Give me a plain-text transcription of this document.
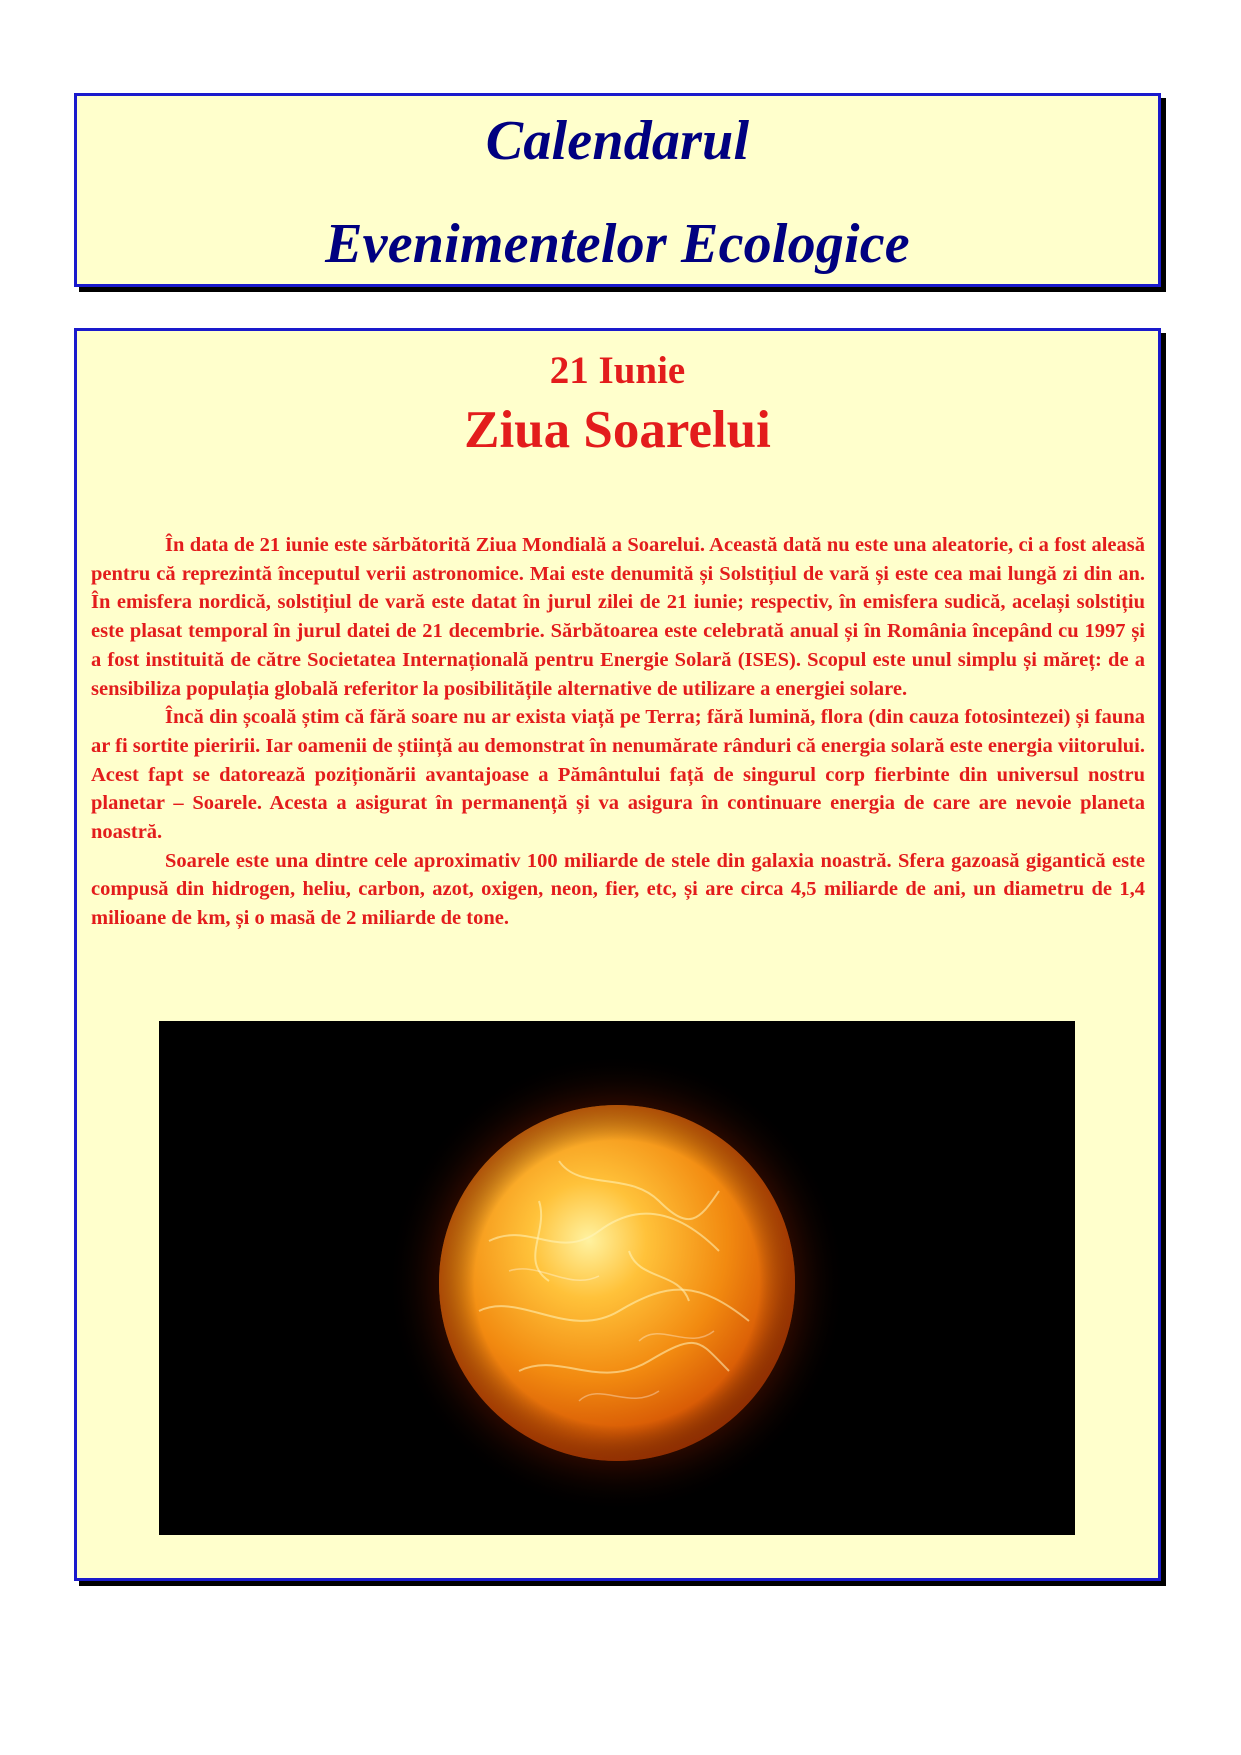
Calendarul
Evenimentelor Ecologice
21 Iunie
Ziua Soarelui

În data de 21 iunie este sărbătorită Ziua Mondială a Soarelui. Această dată nu este una aleatorie, ci a fost aleasă pentru că reprezintă începutul verii astronomice. Mai este denumită și Solstițiul de vară și este cea mai lungă zi din an. În emisfera nordică, solstițiul de vară este datat în jurul zilei de 21 iunie; respectiv, în emisfera sudică, același solstițiu este plasat temporal în jurul datei de 21 decembrie. Sărbătoarea este celebrată anual și în România începând cu 1997 și a fost instituită de către Societatea Internațională pentru Energie Solară (ISES). Scopul este unul simplu și măreț: de a sensibiliza populația globală referitor la posibilitățile alternative de utilizare a energiei solare.

Încă din școală știm că fără soare nu ar exista viață pe Terra; fără lumină, flora (din cauza fotosintezei) și fauna ar fi sortite pieririi. Iar oamenii de știință au demonstrat în nenumărate rânduri că energia solară este energia viitorului. Acest fapt se datorează poziționării avantajoase a Pământului față de singurul corp fierbinte din universul nostru planetar – Soarele. Acesta a asigurat în permanență și va asigura în continuare energia de care are nevoie planeta noastră.

Soarele este una dintre cele aproximativ 100 miliarde de stele din galaxia noastră. Sfera gazoasă gigantică este compusă din hidrogen, heliu, carbon, azot, oxigen, neon, fier, etc, și are circa 4,5 miliarde de ani, un diametru de 1,4 milioane de km, și o masă de 2 miliarde de tone.
